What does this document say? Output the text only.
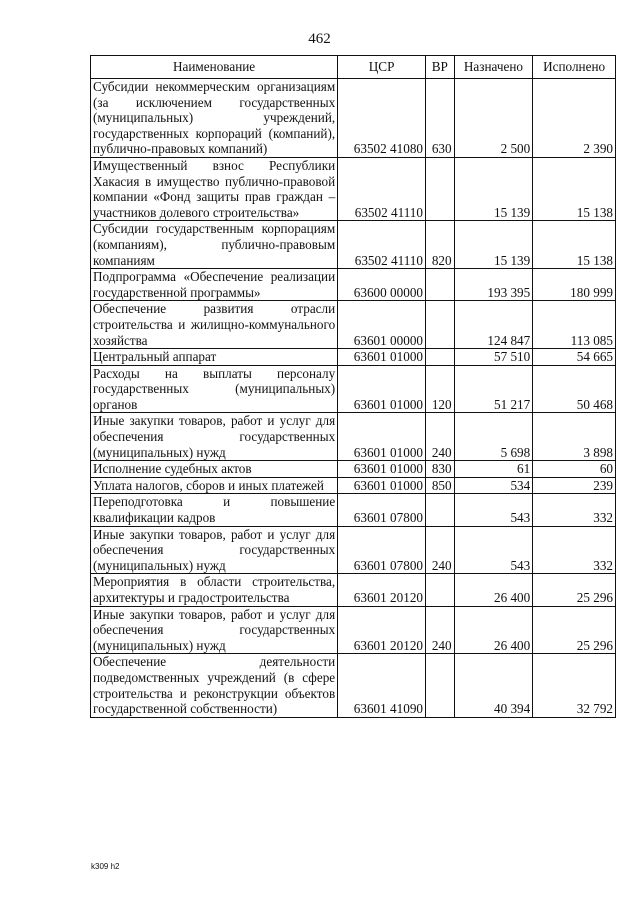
462
Наименование	ЦСР	ВР	Назначено	Исполнено
Субсидии некоммерческим организациям (за исключением государственных (муниципальных) учреждений, государственных корпораций (компаний), публично-правовых компаний)	63502 41080	630	2 500	2 390
Имущественный взнос Республики Хакасия в имущество публично-правовой компании «Фонд защиты прав граждан – участников долевого строительства»	63502 41110		15 139	15 138
Субсидии государственным корпорациям (компаниям), публично-правовым компаниям	63502 41110	820	15 139	15 138
Подпрограмма «Обеспечение реализации государственной программы»	63600 00000		193 395	180 999
Обеспечение развития отрасли строительства и жилищно-коммунального хозяйства	63601 00000		124 847	113 085
Центральный аппарат	63601 01000		57 510	54 665
Расходы на выплаты персоналу государственных (муниципальных) органов	63601 01000	120	51 217	50 468
Иные закупки товаров, работ и услуг для обеспечения государственных (муниципальных) нужд	63601 01000	240	5 698	3 898
Исполнение судебных актов	63601 01000	830	61	60
Уплата налогов, сборов и иных платежей	63601 01000	850	534	239
Переподготовка и повышение квалификации кадров	63601 07800		543	332
Иные закупки товаров, работ и услуг для обеспечения государственных (муниципальных) нужд	63601 07800	240	543	332
Мероприятия в области строительства, архитектуры и градостроительства	63601 20120		26 400	25 296
Иные закупки товаров, работ и услуг для обеспечения государственных (муниципальных) нужд	63601 20120	240	26 400	25 296
Обеспечение деятельности подведомственных учреждений (в сфере строительства и реконструкции объектов государственной собственности)	63601 41090		40 394	32 792
k309 h2
